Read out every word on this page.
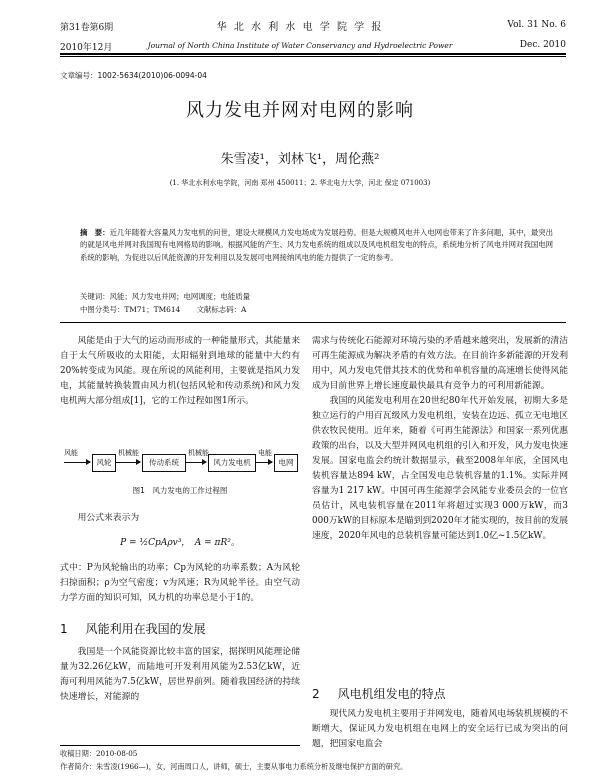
第31卷第6期	华 北 水 利 水 电 学 院 学 报	Vol. 31 No. 6
2010年12月	Journal of North China Institute of Water Conservancy and Hydroelectric Power	Dec. 2010
文章编号：1002-5634(2010)06-0094-04
风力发电并网对电网的影响
朱雪凌¹，刘林飞¹，周伦燕²
(1. 华北水利水电学院，河南 郑州 450011；2. 华北电力大学，河北 保定 071003)
摘　要：近几年随着大容量风力发电机的问世，建设大规模风力发电场成为发展趋势。但是大规模风电并入电网也带来了许多问题，其中，最突出的就是风电并网对我国现有电网格局的影响。根据风能的产生、风力发电系统的组成以及风电机组发电的特点，系统地分析了风电并网对我国电网系统的影响，为促进以后风能资源的开发利用以及发展可电网接纳风电的能力提供了一定的参考。
关键词：风能；风力发电并网；电网调度；电能质量
中图分类号：TM71；TM614 文献标志码：A

风能是由于大气的运动而形成的一种能量形式，其能量来自于太气所吸收的太阳能，太阳辐射到地球的能量中大约有20%转变成为风能。现在所说的风能利用，主要就是指风力发电，其能量转换装置由风力机(包括风轮和传动系统)和风力发电机两大部分组成[1]，它的工作过程如图1所示。

风能
风轮
机械能
传动系统
机械能
风力发电机
电能
电网
图1　风力发电的工作过程图

用公式来表示为

P = ½CpAρv³，　A = πR²。

式中：P为风轮输出的功率；Cp为风轮的功率系数；A为风轮扫掠面积；ρ为空气密度；v为风速；R为风轮半径。由空气动力学方面的知识可知，风力机的功率总是小于1的。

1 风能利用在我国的发展

我国是一个风能资源比较丰富的国家，据探明风能理论储量为32.26亿kW，而陆地可开发利用风能为2.53亿kW，近海可利用风能为7.5亿kW，居世界前列。随着我国经济的持续快速增长，对能源的

需求与传统化石能源对环境污染的矛盾越来越突出，发展新的清洁可再生能源成为解决矛盾的有效方法。在目前许多新能源的开发利用中，风力发电凭借其技术的优势和单机容量的高速增长使得风能成为目前世界上增长速度最快最具有竞争力的可利用新能源。

我国的风能发电利用在20世纪80年代开始发展，初期大多是独立运行的户用百瓦级风力发电机组，安装在边远、孤立无电地区供农牧民使用。近年来，随着《可再生能源法》和国家一系列优惠政策的出台，以及大型并网风电机组的引入和开发，风力发电快速发展。国家电监会约统计数据显示，截至2008年年底，全国风电装机容量达894 kW，占全国发电总装机容量的1.1%。实际并网容量为1 217 kW。中国可再生能源学会风能专业委员会的一位官员估计，风电装机容量在2011年将超过实现3 000万kW，而3 000万kW的目标原本是瞄到到2020年才能实现的，按目前的发展速度，2020年风电的总装机容量可能达到1.0亿~1.5亿kW。

2 风电机组发电的特点

现代风力发电机主要用于并网发电，随着风电场装机规模的不断增大，保证风力发电机组在电网上的安全运行已成为突出的问题，把国家电监会

收稿日期：2010-08-05
作者简介：朱雪凌(1966—)，女，河南周口人，讲师，硕士，主要从事电力系统分析及继电保护方面的研究。
